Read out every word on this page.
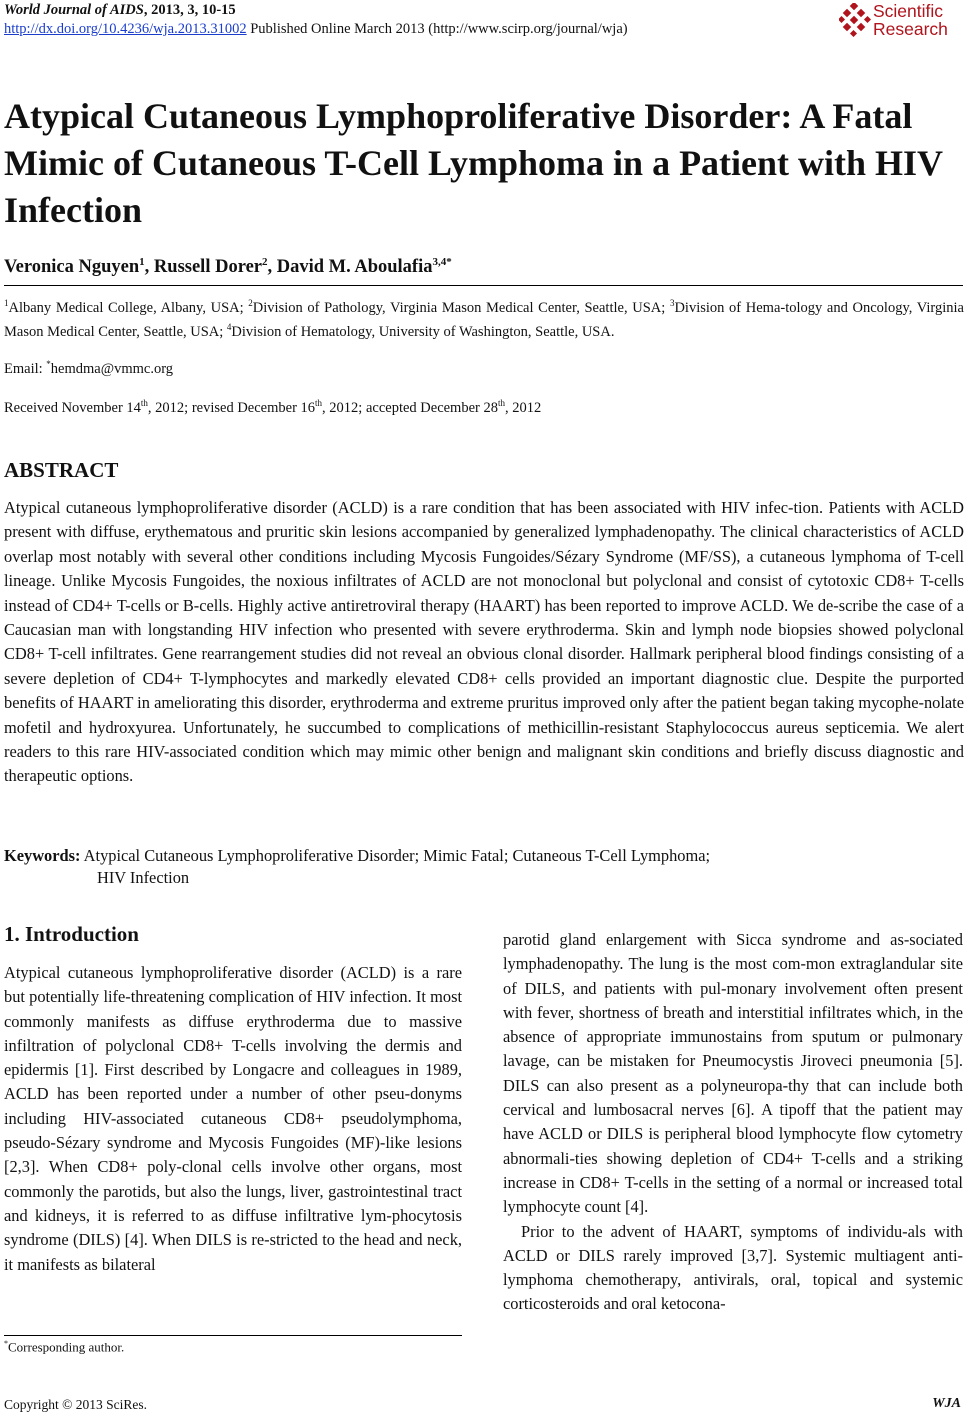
World Journal of AIDS, 2013, 3, 10-15
http://dx.doi.org/10.4236/wja.2013.31002 Published Online March 2013 (http://www.scirp.org/journal/wja)
Scientific
Research
Atypical Cutaneous Lymphoproliferative Disorder: A Fatal Mimic of Cutaneous T-Cell Lymphoma in a Patient with HIV Infection
Veronica Nguyen$^1$, Russell Dorer$^2$, David M. Aboulafia$^{3,4*}$
$^1$Albany Medical College, Albany, USA; $^2$Division of Pathology, Virginia Mason Medical Center, Seattle, USA; $^3$Division of Hema-tology and Oncology, Virginia Mason Medical Center, Seattle, USA; $^4$Division of Hematology, University of Washington, Seattle, USA.
Email: *hemdma@vmmc.org
Received November 14th, 2012; revised December 16th, 2012; accepted December 28th, 2012
ABSTRACT
Atypical cutaneous lymphoproliferative disorder (ACLD) is a rare condition that has been associated with HIV infec-tion. Patients with ACLD present with diffuse, erythematous and pruritic skin lesions accompanied by generalized lymphadenopathy. The clinical characteristics of ACLD overlap most notably with several other conditions including Mycosis Fungoides/Sézary Syndrome (MF/SS), a cutaneous lymphoma of T-cell lineage. Unlike Mycosis Fungoides, the noxious infiltrates of ACLD are not monoclonal but polyclonal and consist of cytotoxic CD8+ T-cells instead of CD4+ T-cells or B-cells. Highly active antiretroviral therapy (HAART) has been reported to improve ACLD. We de-scribe the case of a Caucasian man with longstanding HIV infection who presented with severe erythroderma. Skin and lymph node biopsies showed polyclonal CD8+ T-cell infiltrates. Gene rearrangement studies did not reveal an obvious clonal disorder. Hallmark peripheral blood findings consisting of a severe depletion of CD4+ T-lymphocytes and markedly elevated CD8+ cells provided an important diagnostic clue. Despite the purported benefits of HAART in ameliorating this disorder, erythroderma and extreme pruritus improved only after the patient began taking mycophe-nolate mofetil and hydroxyurea. Unfortunately, he succumbed to complications of methicillin-resistant Staphylococcus aureus septicemia. We alert readers to this rare HIV-associated condition which may mimic other benign and malignant skin conditions and briefly discuss diagnostic and therapeutic options.
Keywords: Atypical Cutaneous Lymphoproliferative Disorder; Mimic Fatal; Cutaneous T-Cell Lymphoma;
HIV Infection
1. Introduction

Atypical cutaneous lymphoproliferative disorder (ACLD) is a rare but potentially life-threatening complication of HIV infection. It most commonly manifests as diffuse erythroderma due to massive infiltration of polyclonal CD8+ T-cells involving the dermis and epidermis [1]. First described by Longacre and colleagues in 1989, ACLD has been reported under a number of other pseu-donyms including HIV-associated cutaneous CD8+ pseudolymphoma, pseudo-Sézary syndrome and Mycosis Fungoides (MF)-like lesions [2,3]. When CD8+ poly-clonal cells involve other organs, most commonly the parotids, but also the lungs, liver, gastrointestinal tract and kidneys, it is referred to as diffuse infiltrative lym-phocytosis syndrome (DILS) [4]. When DILS is re-stricted to the head and neck, it manifests as bilateral

parotid gland enlargement with Sicca syndrome and as-sociated lymphadenopathy. The lung is the most com-mon extraglandular site of DILS, and patients with pul-monary involvement often present with fever, shortness of breath and interstitial infiltrates which, in the absence of appropriate immunostains from sputum or pulmonary lavage, can be mistaken for Pneumocystis Jiroveci pneumonia [5]. DILS can also present as a polyneuropa-thy that can include both cervical and lumbosacral nerves [6]. A tipoff that the patient may have ACLD or DILS is peripheral blood lymphocyte flow cytometry abnormali-ties showing depletion of CD4+ T-cells and a striking increase in CD8+ T-cells in the setting of a normal or increased total lymphocyte count [4].

Prior to the advent of HAART, symptoms of individu-als with ACLD or DILS rarely improved [3,7]. Systemic multiagent anti-lymphoma chemotherapy, antivirals, oral, topical and systemic corticosteroids and oral ketocona-

*Corresponding author.
Copyright © 2013 SciRes.	WJA
